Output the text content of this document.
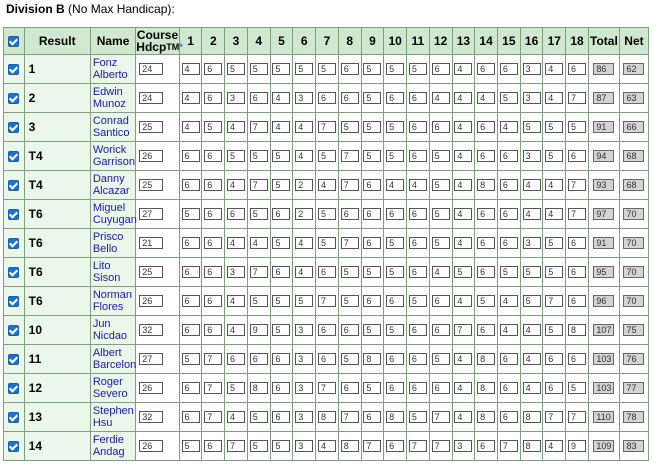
Division B (No Max Handicap):
	Result	Name	Course
Hdcp$^{TM*}$	1	2	3	4	5	6	7	8	9	10	11	12	13	14	15	16	17	18	Total	Net
	1	Fonz
Alberto	24	4	6	5	5	5	5	5	6	5	5	5	6	4	6	6	3	4	6	86	62

	2	Edwin
Munoz	24	4	6	3	6	4	3	6	6	5	6	6	4	4	4	5	3	4	7	87	63

	3	Conrad
Santico	25	4	5	4	7	4	4	7	5	5	5	6	6	4	6	4	5	5	5	91	66

	T4	Worick
Garrison	26	6	6	5	5	5	4	5	7	5	5	6	5	4	6	6	3	5	6	94	68

	T4	Danny
Alcazar	25	6	6	4	7	5	2	4	7	6	4	4	5	4	8	6	4	4	7	93	68

	T6	Miguel
Cuyugan	27	5	6	6	5	6	2	5	6	6	6	6	5	4	6	6	4	4	7	97	70

	T6	Prisco
Bello	21	6	6	4	4	5	4	5	7	6	5	6	5	4	6	6	3	5	6	91	70

	T6	Lito
Sison	25	6	6	3	7	6	4	6	5	5	5	6	4	5	6	5	5	5	6	95	70

	T6	Norman
Flores	26	6	6	4	5	5	5	7	5	6	6	5	6	4	5	4	5	7	6	96	70

	10	Jun
Nicdao	32	6	6	4	9	5	3	6	6	5	5	6	6	7	6	4	4	5	8	107	75

	11	Albert
Barcelon	27	5	7	6	6	6	3	6	5	8	6	6	5	4	8	6	4	6	6	103	76

	12	Roger
Severo	26	6	7	5	8	6	3	7	6	5	6	6	6	4	8	6	4	6	5	103	77

	13	Stephen
Hsu	32	6	7	4	5	6	3	8	7	6	8	5	7	4	8	6	8	7	7	110	78

	14	Ferdie
Andag	26	5	6	7	5	5	3	4	8	7	6	7	7	3	6	7	8	4	9	109	83
